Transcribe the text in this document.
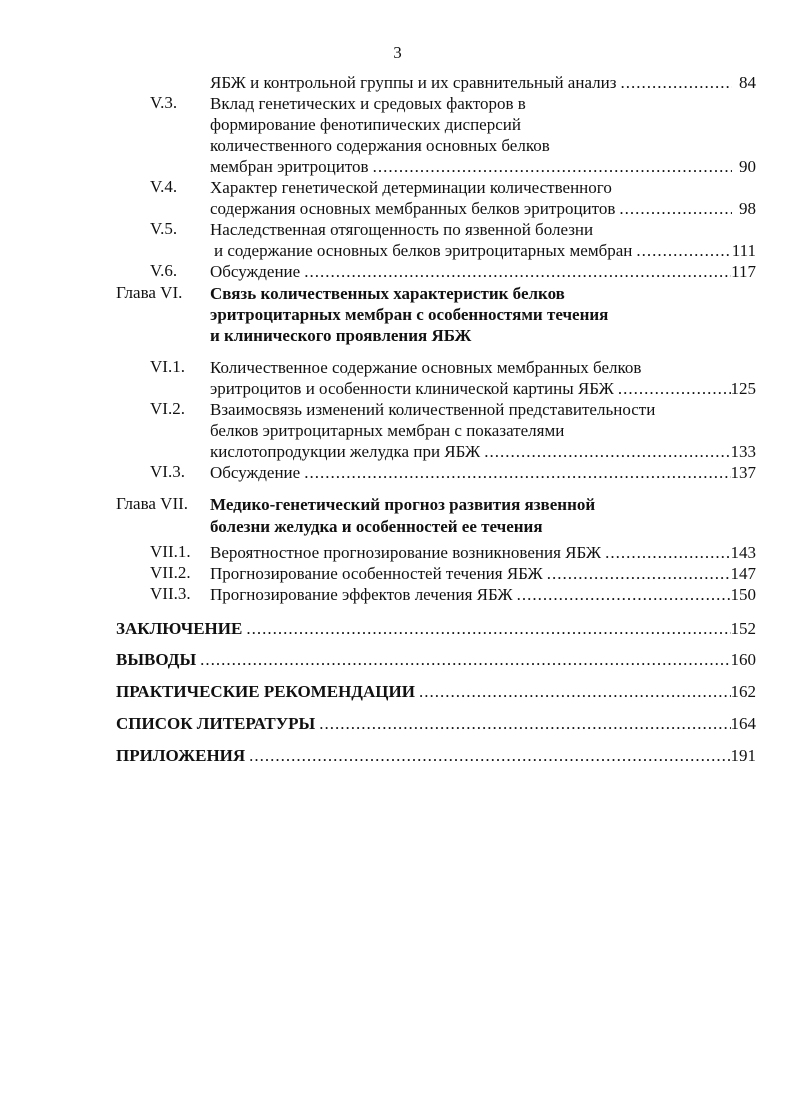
3
ЯБЖ и контрольной группы и их сравнительный анализ .....	84
V.3. Вклад генетических и средовых факторов в
формирование фенотипических дисперсий
количественного содержания основных белков
мембран эритроцитов .....	90
V.4. Характер генетической детерминации количественного
содержания основных мембранных белков эритроцитов .....	98
V.5. Наследственная отягощенность по язвенной болезни
и содержание основных белков эритроцитарных мембран .....	111
V.6. Обсуждение .....	117
Глава VI. Связь количественных характеристик белков
эритроцитарных мембран с особенностями течения
и клинического проявления ЯБЖ
VI.1. Количественное содержание основных мембранных белков
эритроцитов и особенности клинической картины ЯБЖ .....	125
VI.2. Взаимосвязь изменений количественной представительности
белков эритроцитарных мембран с показателями
кислотопродукции желудка при ЯБЖ .....	133
VI.3. Обсуждение .....	137
Глава VII. Медико-генетический прогноз развития язвенной
болезни желудка и особенностей ее течения
VII.1. Вероятностное прогнозирование возникновения ЯБЖ .....	143
VII.2. Прогнозирование особенностей течения ЯБЖ .....	147
VII.3. Прогнозирование эффектов лечения ЯБЖ .....	150
ЗАКЛЮЧЕНИЕ .....	152
ВЫВОДЫ .....	160
ПРАКТИЧЕСКИЕ РЕКОМЕНДАЦИИ .....	162
СПИСОК ЛИТЕРАТУРЫ .....	164
ПРИЛОЖЕНИЯ .....	191
